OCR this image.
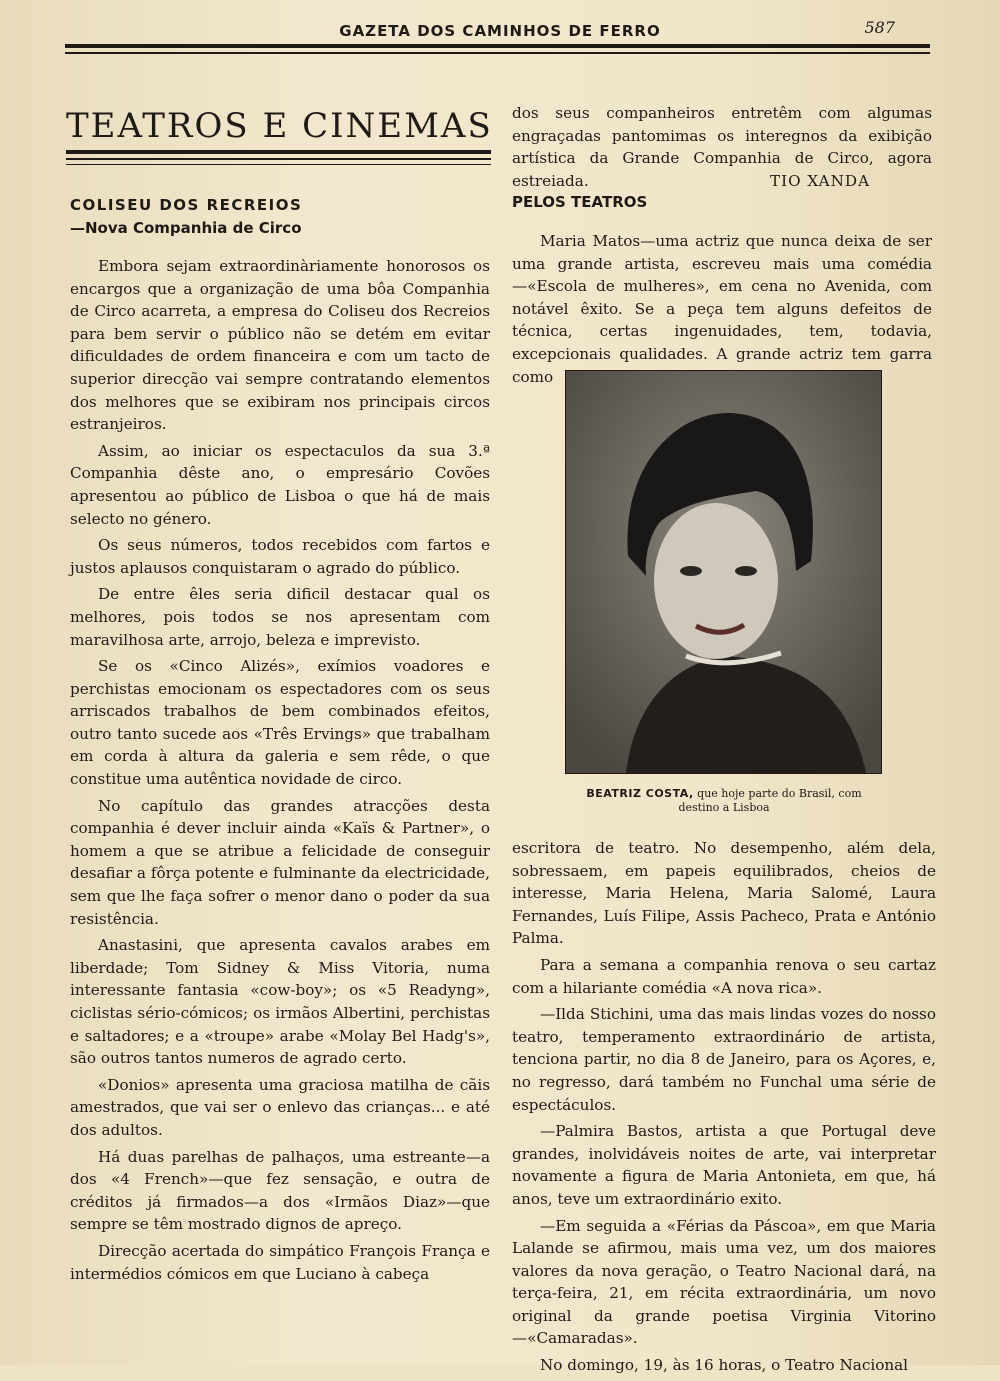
GAZETA DOS CAMINHOS DE FERRO	587
TEATROS E CINEMAS
COLISEU DOS RECREIOS
—Nova Companhia de Circo

Embora sejam extraordinàriamente honorosos os encargos que a organização de uma bôa Companhia de Circo acarreta, a empresa do Coliseu dos Recreios para bem servir o público não se detém em evitar dificuldades de ordem financeira e com um tacto de superior direcção vai sempre contratando elementos dos melhores que se exibiram nos principais circos estranjeiros.

Assim, ao iniciar os espectaculos da sua 3.ª Companhia dêste ano, o empresário Covões apresentou ao público de Lisboa o que há de mais selecto no género.

Os seus números, todos recebidos com fartos e justos aplausos conquistaram o agrado do público.

De entre êles seria dificil destacar qual os melhores, pois todos se nos apresentam com maravilhosa arte, arrojo, beleza e imprevisto.

Se os «Cinco Alizés», exímios voadores e perchistas emocionam os espectadores com os seus arriscados trabalhos de bem combinados efeitos, outro tanto sucede aos «Três Ervings» que trabalham em corda à altura da galeria e sem rêde, o que constitue uma autêntica novidade de circo.

No capítulo das grandes atracções desta companhia é dever incluir ainda «Kaïs & Partner», o homem a que se atribue a felicidade de conseguir desafiar a fôrça potente e fulminante da electricidade, sem que lhe faça sofrer o menor dano o poder da sua resistência.

Anastasini, que apresenta cavalos arabes em liberdade; Tom Sidney & Miss Vitoria, numa interessante fantasia «cow-boy»; os «5 Readyng», ciclistas sério-cómicos; os irmãos Albertini, perchistas e saltadores; e a «troupe» arabe «Molay Bel Hadg's», são outros tantos numeros de agrado certo.

«Donios» apresenta uma graciosa matilha de cãis amestrados, que vai ser o enlevo das crianças... e até dos adultos.

Há duas parelhas de palhaços, uma estreante—a dos «4 French»—que fez sensação, e outra de créditos já firmados—a dos «Irmãos Diaz»—que sempre se têm mostrado dignos de apreço.

Direcção acertada do simpático François França e intermédios cómicos em que Luciano à cabeça

dos seus companheiros entretêm com algumas engraçadas pantomimas os interegnos da exibição artística da Grande Companhia de Circo, agora estreiada.	TIO XANDA
PELOS TEATROS

Maria Matos—uma actriz que nunca deixa de ser uma grande artista, escreveu mais uma comédia—«Escola de mulheres», em cena no Avenida, com notável êxito. Se a peça tem alguns defeitos de técnica, certas ingenuidades, tem, todavia, excepcionais qualidades. A grande actriz tem garra como

BEATRIZ COSTA, que hoje parte do Brasil, com destino a Lisboa

escritora de teatro. No desempenho, além dela, sobressaem, em papeis equilibrados, cheios de interesse, Maria Helena, Maria Salomé, Laura Fernandes, Luís Filipe, Assis Pacheco, Prata e António Palma.

Para a semana a companhia renova o seu cartaz com a hilariante comédia «A nova rica».

—Ilda Stichini, uma das mais lindas vozes do nosso teatro, temperamento extraordinário de artista, tenciona partir, no dia 8 de Janeiro, para os Açores, e, no regresso, dará também no Funchal uma série de espectáculos.

—Palmira Bastos, artista a que Portugal deve grandes, inolvidáveis noites de arte, vai interpretar novamente a figura de Maria Antonieta, em que, há anos, teve um extraordinário exito.

—Em seguida a «Férias da Páscoa», em que Maria Lalande se afirmou, mais uma vez, um dos maiores valores da nova geração, o Teatro Nacional dará, na terça-feira, 21, em récita extraordinária, um novo original da grande poetisa Virginia Vitorino—«Camaradas».

No domingo, 19, às 16 horas, o Teatro Nacional
